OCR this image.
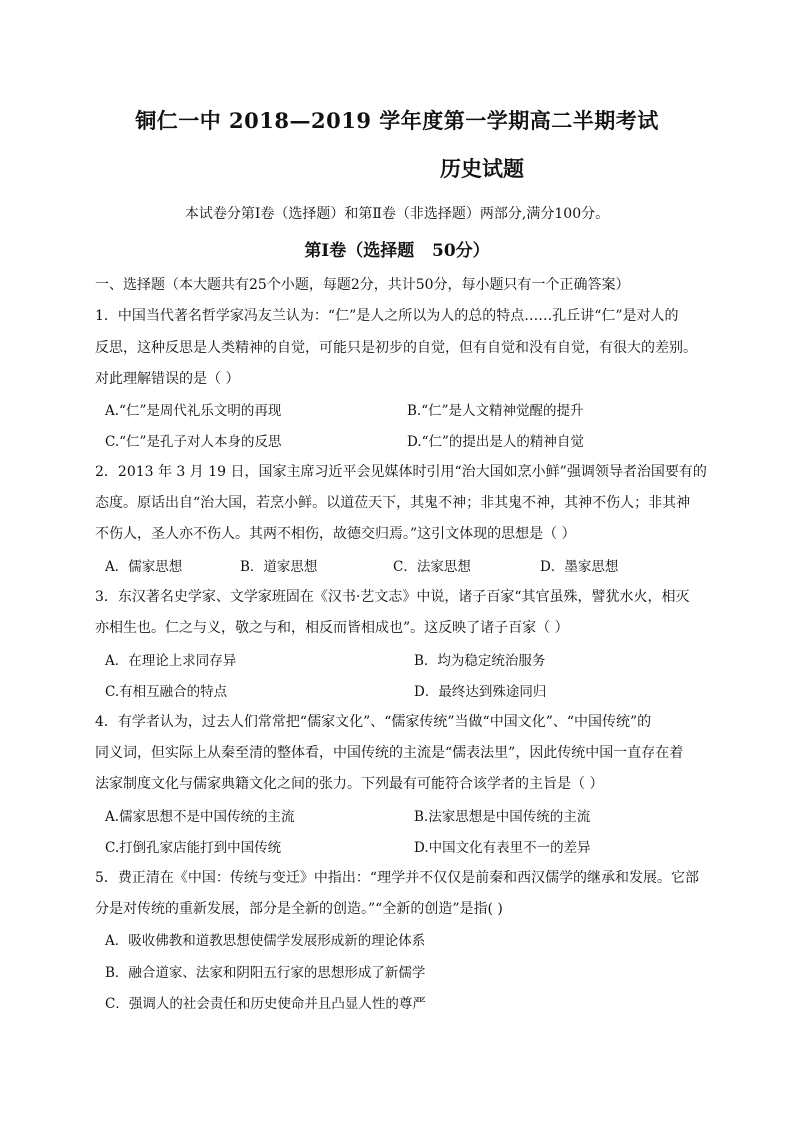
铜仁一中 2018—2019 学年度第一学期高二半期考试
历史试题
本试卷分第Ⅰ卷（选择题）和第Ⅱ卷（非选择题）两部分,满分100分。
第Ⅰ卷（选择题   50分）
一、选择题（本大题共有25个小题，每题2分，共计50分，每小题只有一个正确答案）
1．中国当代著名哲学家冯友兰认为：“仁”是人之所以为人的总的特点……孔丘讲“仁”是对人的
反思，这种反思是人类精神的自觉，可能只是初步的自觉，但有自觉和没有自觉，有很大的差别。
对此理解错误的是（ ）
A.“仁”是周代礼乐文明的再现	B.“仁”是人文精神觉醒的提升
C.“仁”是孔子对人本身的反思	D.“仁”的提出是人的精神自觉
2．2013 年 3 月 19 日，国家主席习近平会见媒体时引用“治大国如烹小鲜”强调领导者治国要有的
态度。原话出自“治大国，若烹小鲜。以道莅天下，其鬼不神；非其鬼不神，其神不伤人；非其神
不伤人，圣人亦不伤人。其两不相伤，故德交归焉。”这引文体现的思想是（ ）
A．儒家思想	B．道家思想	C．法家思想	D．墨家思想
3．东汉著名史学家、文学家班固在《汉书·艺文志》中说，诸子百家“其官虽殊，譬犹水火，相灭
亦相生也。仁之与义，敬之与和，相反而皆相成也”。这反映了诸子百家（ ）
A．在理论上求同存异	B．均为稳定统治服务
C.有相互融合的特点	D．最终达到殊途同归
4．有学者认为，过去人们常常把“儒家文化”、“儒家传统”当做“中国文化”、“中国传统”的
同义词，但实际上从秦至清的整体看，中国传统的主流是“儒表法里”，因此传统中国一直存在着
法家制度文化与儒家典籍文化之间的张力。下列最有可能符合该学者的主旨是（ ）
A.儒家思想不是中国传统的主流	B.法家思想是中国传统的主流
C.打倒孔家店能打到中国传统	D.中国文化有表里不一的差异
5．费正清在《中国：传统与变迁》中指出：“理学并不仅仅是前秦和西汉儒学的继承和发展。它部
分是对传统的重新发展，部分是全新的创造。”“全新的创造”是指( )
A．吸收佛教和道教思想使儒学发展形成新的理论体系
B．融合道家、法家和阴阳五行家的思想形成了新儒学
C．强调人的社会责任和历史使命并且凸显人性的尊严
